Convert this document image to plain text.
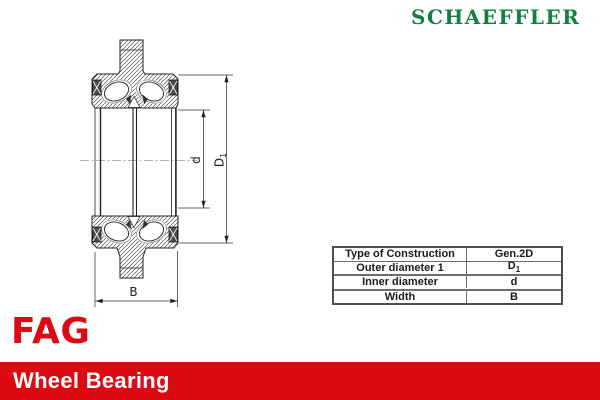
SCHAEFFLER
d $D_1$
B
Type of Construction	Gen.2D
Outer diameter 1	$D_1$
Inner diameter	d
Width	B
FAG
Wheel Bearing
